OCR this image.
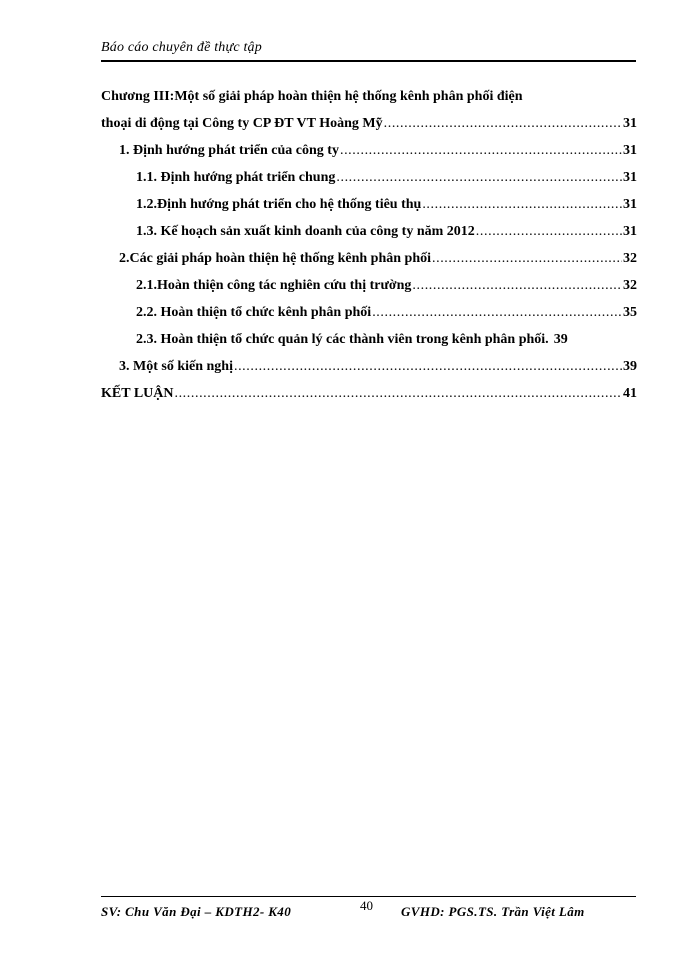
Báo cáo chuyên đề thực tập
Chương III:Một số giải pháp hoàn thiện hệ thống kênh phân phối điện
thoại di động tại Công ty CP ĐT VT Hoàng Mỹ .....	31
1. Định hướng phát triển của công ty .....	31
1.1. Định hướng phát triển chung .....	31
1.2.Định hướng phát triển cho hệ thống tiêu thụ .....	31
1.3. Kế hoạch sản xuất kinh doanh của công ty năm 2012 .....	31
2.Các giải pháp hoàn thiện hệ thống kênh phân phối .....	32
2.1.Hoàn thiện công tác nghiên cứu thị trường .....	32
2.2. Hoàn thiện tổ chức kênh phân phối .....	35
2.3. Hoàn thiện tổ chức quản lý các thành viên trong kênh phân phối. 39
3. Một số kiến nghị .....	39
KẾT LUẬN .....	41
SV: Chu Văn Đại – KDTH2- K40	40 GVHD: PGS.TS. Trần Việt Lâm
